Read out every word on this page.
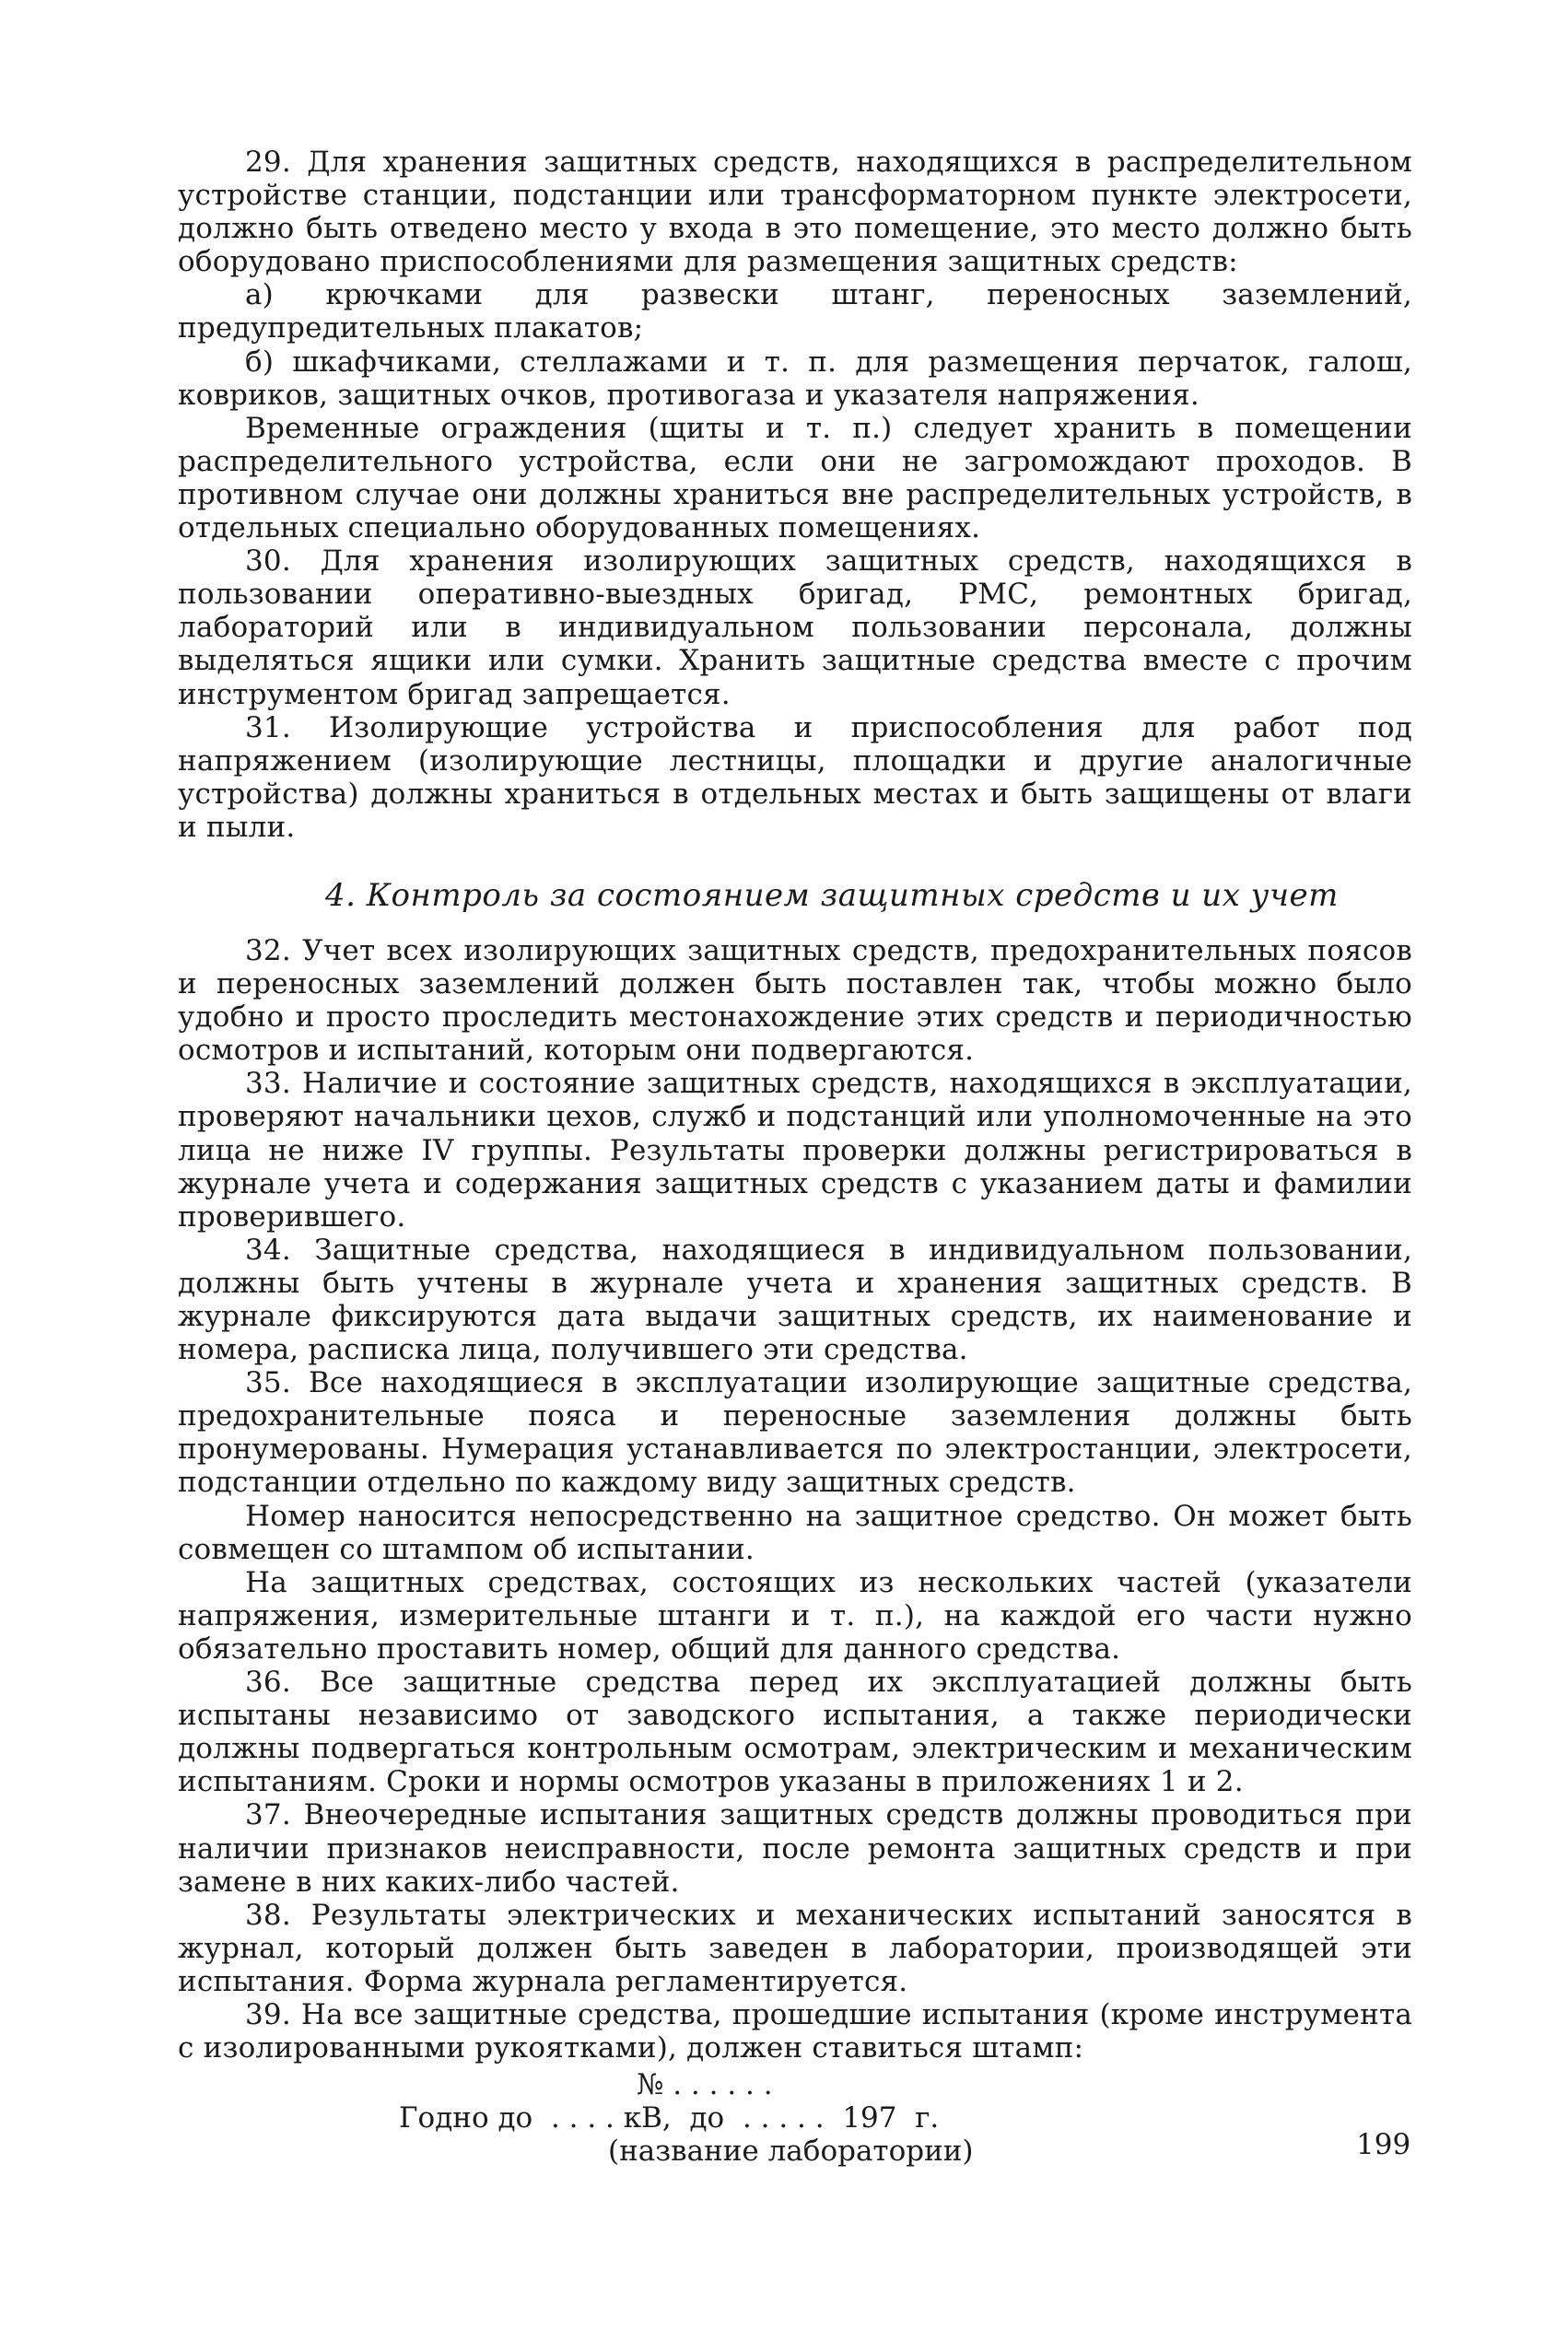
29. Для хранения защитных средств, находящихся в распределительном устройстве станции, подстанции или трансформаторном пункте электросети, должно быть отведено место у входа в это помещение, это место должно быть оборудовано приспособлениями для размещения защитных средств:

а) крючками для развески штанг, переносных заземлений, предупредительных плакатов;

б) шкафчиками, стеллажами и т. п. для размещения перчаток, галош, ковриков, защитных очков, противогаза и указателя напряжения.

Временные ограждения (щиты и т. п.) следует хранить в помещении распределительного устройства, если они не загромождают проходов. В противном случае они должны храниться вне распределительных устройств, в отдельных специально оборудованных помещениях.

30. Для хранения изолирующих защитных средств, находящихся в пользовании оперативно-выездных бригад, РМС, ремонтных бригад, лабораторий или в индивидуальном пользовании персонала, должны выделяться ящики или сумки. Хранить защитные средства вместе с прочим инструментом бригад запрещается.

31. Изолирующие устройства и приспособления для работ под напряжением (изолирующие лестницы, площадки и другие аналогичные устройства) должны храниться в отдельных местах и быть защищены от влаги и пыли.

4. Контроль за состоянием защитных средств и их учет

32. Учет всех изолирующих защитных средств, предохранительных поясов и переносных заземлений должен быть поставлен так, чтобы можно было удобно и просто проследить местонахождение этих средств и периодичностью осмотров и испытаний, которым они подвергаются.

33. Наличие и состояние защитных средств, находящихся в эксплуатации, проверяют начальники цехов, служб и подстанций или уполномоченные на это лица не ниже IV группы. Результаты проверки должны регистрироваться в журнале учета и содержания защитных средств с указанием даты и фамилии проверившего.

34. Защитные средства, находящиеся в индивидуальном пользовании, должны быть учтены в журнале учета и хранения защитных средств. В журнале фиксируются дата выдачи защитных средств, их наименование и номера, расписка лица, получившего эти средства.

35. Все находящиеся в эксплуатации изолирующие защитные средства, предохранительные пояса и переносные заземления должны быть пронумерованы. Нумерация устанавливается по электростанции, электросети, подстанции отдельно по каждому виду защитных средств.

Номер наносится непосредственно на защитное средство. Он может быть совмещен со штампом об испытании.

На защитных средствах, состоящих из нескольких частей (указатели напряжения, измерительные штанги и т. п.), на каждой его части нужно обязательно проставить номер, общий для данного средства.

36. Все защитные средства перед их эксплуатацией должны быть испытаны независимо от заводского испытания, а также периодически должны подвергаться контрольным осмотрам, электрическим и механическим испытаниям. Сроки и нормы осмотров указаны в приложениях 1 и 2.

37. Внеочередные испытания защитных средств должны проводиться при наличии признаков неисправности, после ремонта защитных средств и при замене в них каких-либо частей.

38. Результаты электрических и механических испытаний заносятся в журнал, который должен быть заведен в лаборатории, производящей эти испытания. Форма журнала регламентируется.

39. На все защитные средства, прошедшие испытания (кроме инструмента с изолированными рукоятками), должен ставиться штамп:

№ . . . . . .
Годно до  . . . . кВ,  до  . . . . .  197  г.
(название лаборатории)	199
